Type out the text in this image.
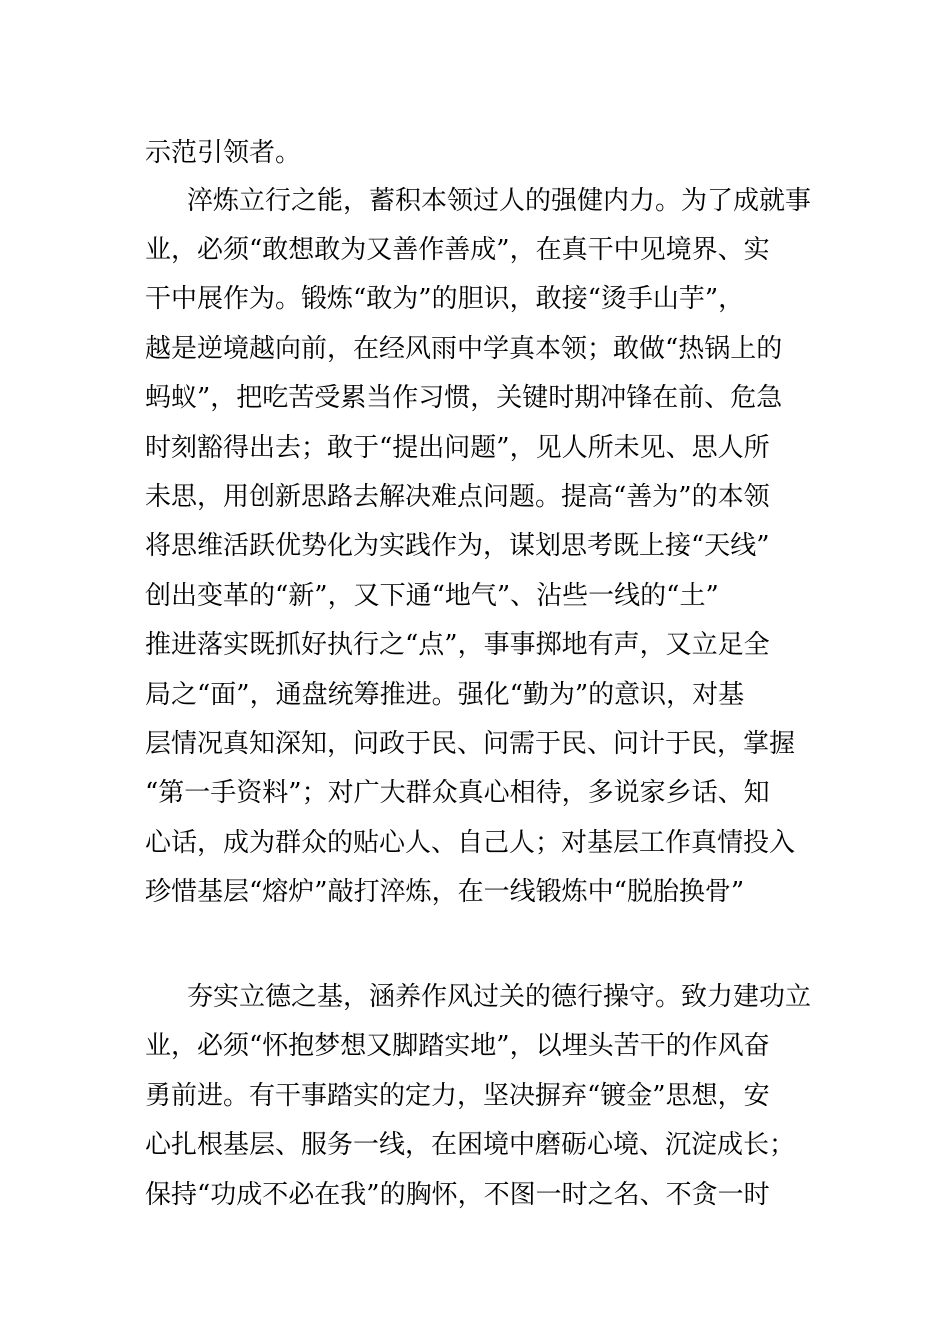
示范引领者。
淬炼立行之能，蓄积本领过人的强健内力。为了成就事
业，必须“敢想敢为又善作善成”，在真干中见境界、实
干中展作为。锻炼“敢为”的胆识，敢接“烫手山芋”，
越是逆境越向前，在经风雨中学真本领；敢做“热锅上的
蚂蚁”，把吃苦受累当作习惯，关键时期冲锋在前、危急
时刻豁得出去；敢于“提出问题”，见人所未见、思人所
未思，用创新思路去解决难点问题。提高“善为”的本领
将思维活跃优势化为实践作为，谋划思考既上接“天线”
创出变革的“新”，又下通“地气”、沾些一线的“土”
推进落实既抓好执行之“点”，事事掷地有声，又立足全
局之“面”，通盘统筹推进。强化“勤为”的意识，对基
层情况真知深知，问政于民、问需于民、问计于民，掌握
“第一手资料”；对广大群众真心相待，多说家乡话、知
心话，成为群众的贴心人、自己人；对基层工作真情投入
珍惜基层“熔炉”敲打淬炼，在一线锻炼中“脱胎换骨”
夯实立德之基，涵养作风过关的德行操守。致力建功立
业，必须“怀抱梦想又脚踏实地”，以埋头苦干的作风奋
勇前进。有干事踏实的定力，坚决摒弃“镀金”思想，安
心扎根基层、服务一线，在困境中磨砺心境、沉淀成长；
保持“功成不必在我”的胸怀，不图一时之名、不贪一时
